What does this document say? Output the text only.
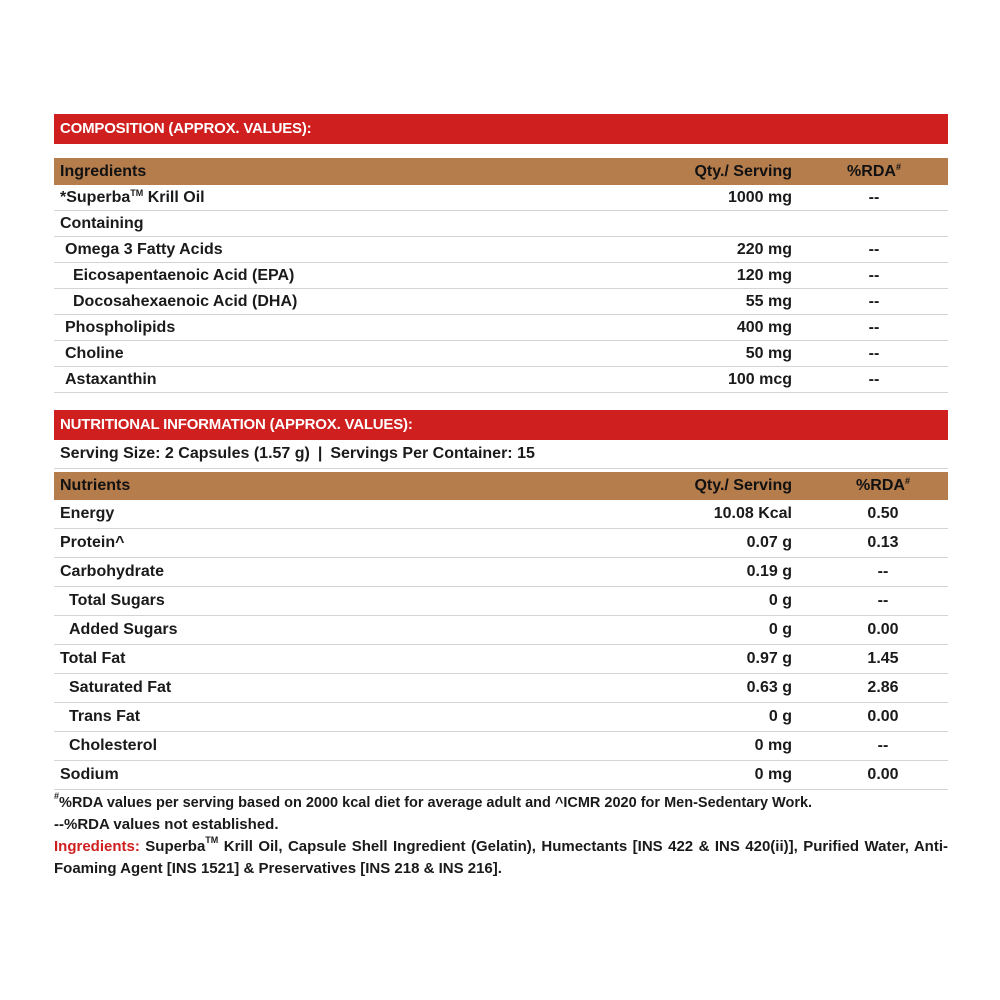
COMPOSITION (APPROX. VALUES):
Ingredients	Qty./ Serving	%RDA#
*Superba™ Krill Oil	1000 mg	--
Containing
Omega 3 Fatty Acids	220 mg	--
Eicosapentaenoic Acid (EPA)	120 mg	--
Docosahexaenoic Acid (DHA)	55 mg	--
Phospholipids	400 mg	--
Choline	50 mg	--
Astaxanthin	100 mcg	--
NUTRITIONAL INFORMATION (APPROX. VALUES):
Serving Size: 2 Capsules (1.57 g) | Servings Per Container: 15
Nutrients	Qty./ Serving	%RDA#
Energy	10.08 Kcal	0.50
Protein^	0.07 g	0.13
Carbohydrate	0.19 g	--
Total Sugars	0 g	--
Added Sugars	0 g	0.00
Total Fat	0.97 g	1.45
Saturated Fat	0.63 g	2.86
Trans Fat	0 g	0.00
Cholesterol	0 mg	--
Sodium	0 mg	0.00
#%RDA values per serving based on 2000 kcal diet for average adult and ^ICMR 2020 for Men-Sedentary Work.
--%RDA values not established.
Ingredients: Superba™ Krill Oil, Capsule Shell Ingredient (Gelatin), Humectants [INS 422 & INS 420(ii)], Purified Water, Anti-Foaming Agent [INS 1521] & Preservatives [INS 218 & INS 216].
